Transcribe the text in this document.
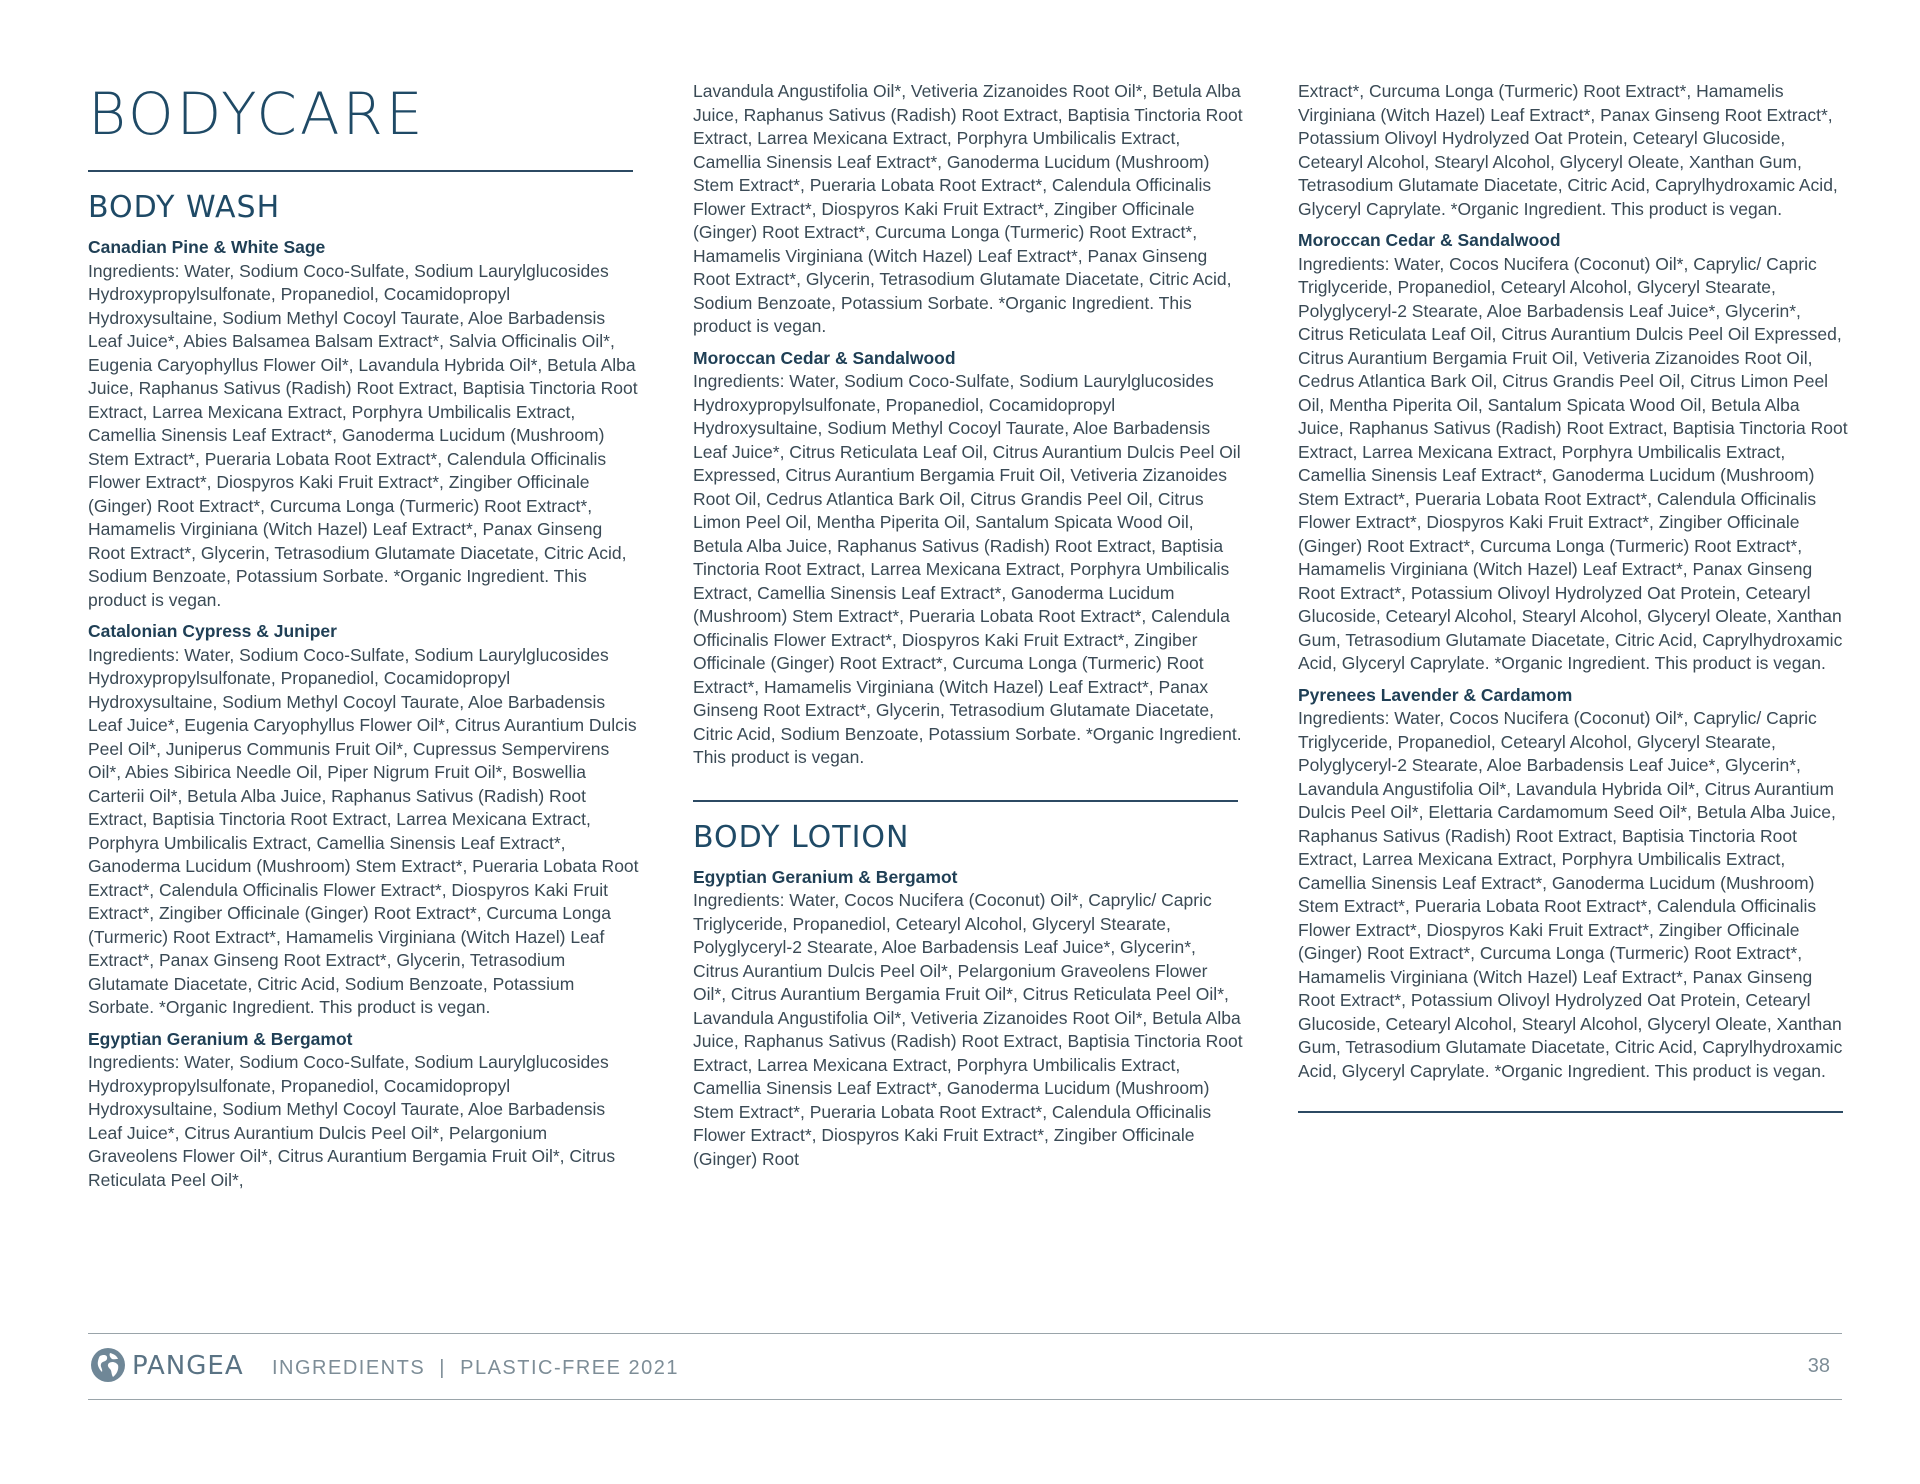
BODYCARE
BODY WASH
Canadian Pine & White Sage
Ingredients: Water, Sodium Coco-Sulfate, Sodium Laurylglucosides Hydroxypropylsulfonate, Propanediol, Cocamidopropyl Hydroxysultaine, Sodium Methyl Cocoyl Taurate, Aloe Barbadensis Leaf Juice*, Abies Balsamea Balsam Extract*, Salvia Officinalis Oil*, Eugenia Caryophyllus Flower Oil*, Lavandula Hybrida Oil*, Betula Alba Juice, Raphanus Sativus (Radish) Root Extract, Baptisia Tinctoria Root Extract, Larrea Mexicana Extract, Porphyra Umbilicalis Extract, Camellia Sinensis Leaf Extract*, Ganoderma Lucidum (Mushroom) Stem Extract*, Pueraria Lobata Root Extract*, Calendula Officinalis Flower Extract*, Diospyros Kaki Fruit Extract*, Zingiber Officinale (Ginger) Root Extract*, Curcuma Longa (Turmeric) Root Extract*, Hamamelis Virginiana (Witch Hazel) Leaf Extract*, Panax Ginseng Root Extract*, Glycerin, Tetrasodium Glutamate Diacetate, Citric Acid, Sodium Benzoate, Potassium Sorbate. *Organic Ingredient. This product is vegan.
Catalonian Cypress & Juniper
Ingredients: Water, Sodium Coco-Sulfate, Sodium Laurylglucosides Hydroxypropylsulfonate, Propanediol, Cocamidopropyl Hydroxysultaine, Sodium Methyl Cocoyl Taurate, Aloe Barbadensis Leaf Juice*, Eugenia Caryophyllus Flower Oil*, Citrus Aurantium Dulcis Peel Oil*, Juniperus Communis Fruit Oil*, Cupressus Sempervirens Oil*, Abies Sibirica Needle Oil, Piper Nigrum Fruit Oil*, Boswellia Carterii Oil*, Betula Alba Juice, Raphanus Sativus (Radish) Root Extract, Baptisia Tinctoria Root Extract, Larrea Mexicana Extract, Porphyra Umbilicalis Extract, Camellia Sinensis Leaf Extract*, Ganoderma Lucidum (Mushroom) Stem Extract*, Pueraria Lobata Root Extract*, Calendula Officinalis Flower Extract*, Diospyros Kaki Fruit Extract*, Zingiber Officinale (Ginger) Root Extract*, Curcuma Longa (Turmeric) Root Extract*, Hamamelis Virginiana (Witch Hazel) Leaf Extract*, Panax Ginseng Root Extract*, Glycerin, Tetrasodium Glutamate Diacetate, Citric Acid, Sodium Benzoate, Potassium Sorbate. *Organic Ingredient. This product is vegan.
Egyptian Geranium & Bergamot
Ingredients: Water, Sodium Coco-Sulfate, Sodium Laurylglucosides Hydroxypropylsulfonate, Propanediol, Cocamidopropyl Hydroxysultaine, Sodium Methyl Cocoyl Taurate, Aloe Barbadensis Leaf Juice*, Citrus Aurantium Dulcis Peel Oil*, Pelargonium Graveolens Flower Oil*, Citrus Aurantium Bergamia Fruit Oil*, Citrus Reticulata Peel Oil*,
Lavandula Angustifolia Oil*, Vetiveria Zizanoides Root Oil*, Betula Alba Juice, Raphanus Sativus (Radish) Root Extract, Baptisia Tinctoria Root Extract, Larrea Mexicana Extract, Porphyra Umbilicalis Extract, Camellia Sinensis Leaf Extract*, Ganoderma Lucidum (Mushroom) Stem Extract*, Pueraria Lobata Root Extract*, Calendula Officinalis Flower Extract*, Diospyros Kaki Fruit Extract*, Zingiber Officinale (Ginger) Root Extract*, Curcuma Longa (Turmeric) Root Extract*, Hamamelis Virginiana (Witch Hazel) Leaf Extract*, Panax Ginseng Root Extract*, Glycerin, Tetrasodium Glutamate Diacetate, Citric Acid, Sodium Benzoate, Potassium Sorbate. *Organic Ingredient. This product is vegan.
Moroccan Cedar & Sandalwood
Ingredients: Water, Sodium Coco-Sulfate, Sodium Laurylglucosides Hydroxypropylsulfonate, Propanediol, Cocamidopropyl Hydroxysultaine, Sodium Methyl Cocoyl Taurate, Aloe Barbadensis Leaf Juice*, Citrus Reticulata Leaf Oil, Citrus Aurantium Dulcis Peel Oil Expressed, Citrus Aurantium Bergamia Fruit Oil, Vetiveria Zizanoides Root Oil, Cedrus Atlantica Bark Oil, Citrus Grandis Peel Oil, Citrus Limon Peel Oil, Mentha Piperita Oil, Santalum Spicata Wood Oil, Betula Alba Juice, Raphanus Sativus (Radish) Root Extract, Baptisia Tinctoria Root Extract, Larrea Mexicana Extract, Porphyra Umbilicalis Extract, Camellia Sinensis Leaf Extract*, Ganoderma Lucidum (Mushroom) Stem Extract*, Pueraria Lobata Root Extract*, Calendula Officinalis Flower Extract*, Diospyros Kaki Fruit Extract*, Zingiber Officinale (Ginger) Root Extract*, Curcuma Longa (Turmeric) Root Extract*, Hamamelis Virginiana (Witch Hazel) Leaf Extract*, Panax Ginseng Root Extract*, Glycerin, Tetrasodium Glutamate Diacetate, Citric Acid, Sodium Benzoate, Potassium Sorbate. *Organic Ingredient. This product is vegan.
BODY LOTION
Egyptian Geranium & Bergamot
Ingredients: Water, Cocos Nucifera (Coconut) Oil*, Caprylic/ Capric Triglyceride, Propanediol, Cetearyl Alcohol, Glyceryl Stearate, Polyglyceryl-2 Stearate, Aloe Barbadensis Leaf Juice*, Glycerin*, Citrus Aurantium Dulcis Peel Oil*, Pelargonium Graveolens Flower Oil*, Citrus Aurantium Bergamia Fruit Oil*, Citrus Reticulata Peel Oil*, Lavandula Angustifolia Oil*, Vetiveria Zizanoides Root Oil*, Betula Alba Juice, Raphanus Sativus (Radish) Root Extract, Baptisia Tinctoria Root Extract, Larrea Mexicana Extract, Porphyra Umbilicalis Extract, Camellia Sinensis Leaf Extract*, Ganoderma Lucidum (Mushroom) Stem Extract*, Pueraria Lobata Root Extract*, Calendula Officinalis Flower Extract*, Diospyros Kaki Fruit Extract*, Zingiber Officinale (Ginger) Root
Extract*, Curcuma Longa (Turmeric) Root Extract*, Hamamelis Virginiana (Witch Hazel) Leaf Extract*, Panax Ginseng Root Extract*, Potassium Olivoyl Hydrolyzed Oat Protein, Cetearyl Glucoside, Cetearyl Alcohol, Stearyl Alcohol, Glyceryl Oleate, Xanthan Gum, Tetrasodium Glutamate Diacetate, Citric Acid, Caprylhydroxamic Acid, Glyceryl Caprylate. *Organic Ingredient. This product is vegan.
Moroccan Cedar & Sandalwood
Ingredients: Water, Cocos Nucifera (Coconut) Oil*, Caprylic/ Capric Triglyceride, Propanediol, Cetearyl Alcohol, Glyceryl Stearate, Polyglyceryl-2 Stearate, Aloe Barbadensis Leaf Juice*, Glycerin*, Citrus Reticulata Leaf Oil, Citrus Aurantium Dulcis Peel Oil Expressed, Citrus Aurantium Bergamia Fruit Oil, Vetiveria Zizanoides Root Oil, Cedrus Atlantica Bark Oil, Citrus Grandis Peel Oil, Citrus Limon Peel Oil, Mentha Piperita Oil, Santalum Spicata Wood Oil, Betula Alba Juice, Raphanus Sativus (Radish) Root Extract, Baptisia Tinctoria Root Extract, Larrea Mexicana Extract, Porphyra Umbilicalis Extract, Camellia Sinensis Leaf Extract*, Ganoderma Lucidum (Mushroom) Stem Extract*, Pueraria Lobata Root Extract*, Calendula Officinalis Flower Extract*, Diospyros Kaki Fruit Extract*, Zingiber Officinale (Ginger) Root Extract*, Curcuma Longa (Turmeric) Root Extract*, Hamamelis Virginiana (Witch Hazel) Leaf Extract*, Panax Ginseng Root Extract*, Potassium Olivoyl Hydrolyzed Oat Protein, Cetearyl Glucoside, Cetearyl Alcohol, Stearyl Alcohol, Glyceryl Oleate, Xanthan Gum, Tetrasodium Glutamate Diacetate, Citric Acid, Caprylhydroxamic Acid, Glyceryl Caprylate. *Organic Ingredient. This product is vegan.
Pyrenees Lavender & Cardamom
Ingredients: Water, Cocos Nucifera (Coconut) Oil*, Caprylic/ Capric Triglyceride, Propanediol, Cetearyl Alcohol, Glyceryl Stearate, Polyglyceryl-2 Stearate, Aloe Barbadensis Leaf Juice*, Glycerin*, Lavandula Angustifolia Oil*, Lavandula Hybrida Oil*, Citrus Aurantium Dulcis Peel Oil*, Elettaria Cardamomum Seed Oil*, Betula Alba Juice, Raphanus Sativus (Radish) Root Extract, Baptisia Tinctoria Root Extract, Larrea Mexicana Extract, Porphyra Umbilicalis Extract, Camellia Sinensis Leaf Extract*, Ganoderma Lucidum (Mushroom) Stem Extract*, Pueraria Lobata Root Extract*, Calendula Officinalis Flower Extract*, Diospyros Kaki Fruit Extract*, Zingiber Officinale (Ginger) Root Extract*, Curcuma Longa (Turmeric) Root Extract*, Hamamelis Virginiana (Witch Hazel) Leaf Extract*, Panax Ginseng Root Extract*, Potassium Olivoyl Hydrolyzed Oat Protein, Cetearyl Glucoside, Cetearyl Alcohol, Stearyl Alcohol, Glyceryl Oleate, Xanthan Gum, Tetrasodium Glutamate Diacetate, Citric Acid, Caprylhydroxamic Acid, Glyceryl Caprylate. *Organic Ingredient. This product is vegan.
PANGEA INGREDIENTS  |  PLASTIC-FREE 2021	38
